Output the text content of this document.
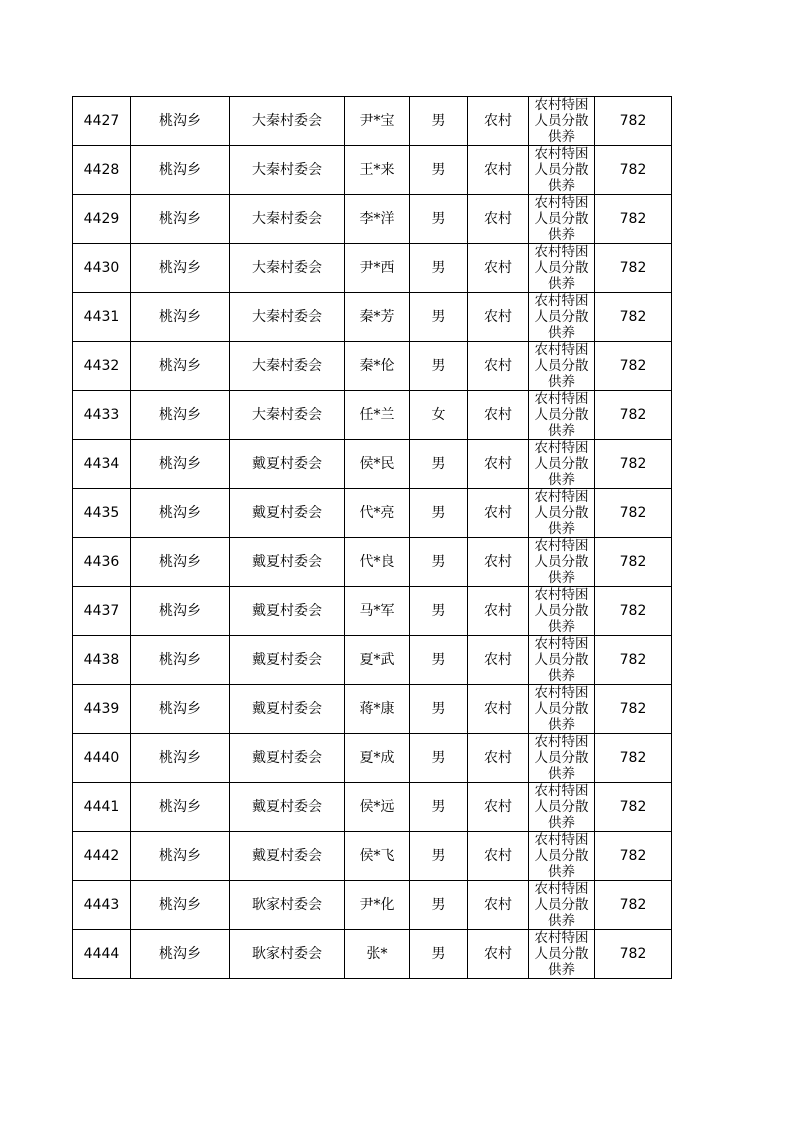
4427	桃沟乡	大秦村委会	尹*宝	男	农村	农村特困人员分散供养	782
4428	桃沟乡	大秦村委会	王*来	男	农村	农村特困人员分散供养	782
4429	桃沟乡	大秦村委会	李*洋	男	农村	农村特困人员分散供养	782
4430	桃沟乡	大秦村委会	尹*西	男	农村	农村特困人员分散供养	782
4431	桃沟乡	大秦村委会	秦*芳	男	农村	农村特困人员分散供养	782
4432	桃沟乡	大秦村委会	秦*伦	男	农村	农村特困人员分散供养	782
4433	桃沟乡	大秦村委会	任*兰	女	农村	农村特困人员分散供养	782
4434	桃沟乡	戴夏村委会	侯*民	男	农村	农村特困人员分散供养	782
4435	桃沟乡	戴夏村委会	代*亮	男	农村	农村特困人员分散供养	782
4436	桃沟乡	戴夏村委会	代*良	男	农村	农村特困人员分散供养	782
4437	桃沟乡	戴夏村委会	马*军	男	农村	农村特困人员分散供养	782
4438	桃沟乡	戴夏村委会	夏*武	男	农村	农村特困人员分散供养	782
4439	桃沟乡	戴夏村委会	蒋*康	男	农村	农村特困人员分散供养	782
4440	桃沟乡	戴夏村委会	夏*成	男	农村	农村特困人员分散供养	782
4441	桃沟乡	戴夏村委会	侯*远	男	农村	农村特困人员分散供养	782
4442	桃沟乡	戴夏村委会	侯*飞	男	农村	农村特困人员分散供养	782
4443	桃沟乡	耿家村委会	尹*化	男	农村	农村特困人员分散供养	782
4444	桃沟乡	耿家村委会	张*	男	农村	农村特困人员分散供养	782
